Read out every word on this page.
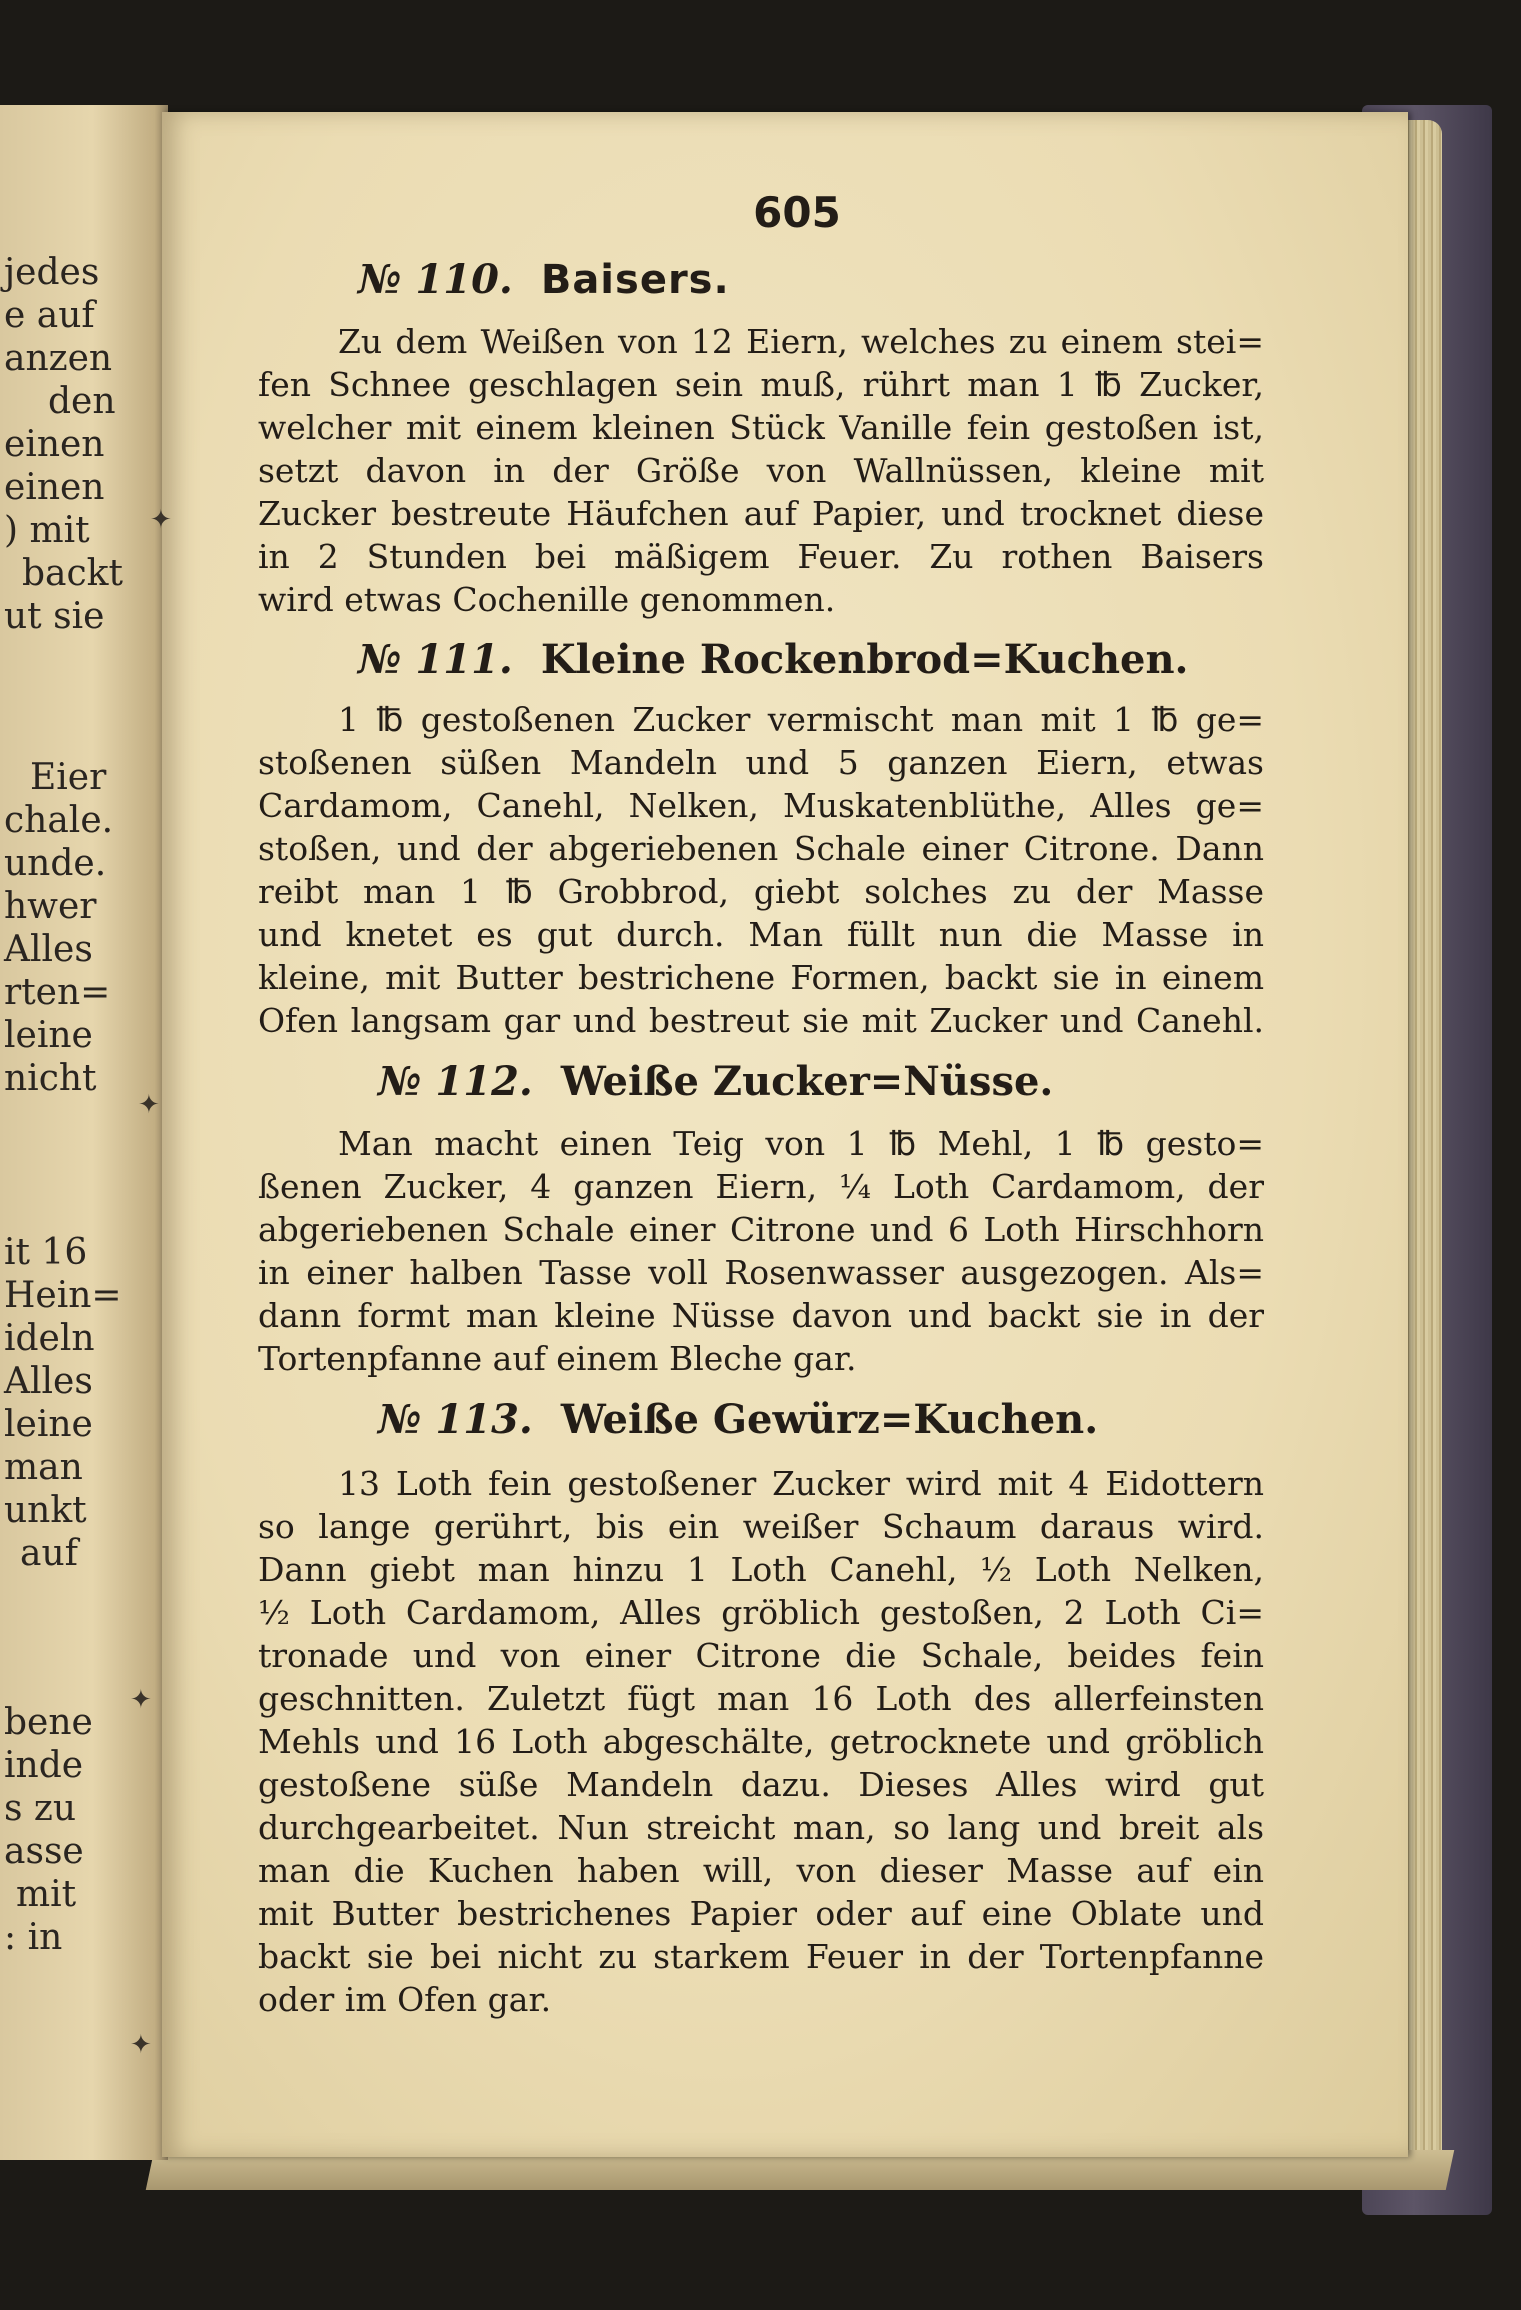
jedes
e auf
anzen
den
einen
einen
) mit
backt
ut sie
Eier
chale.
unde.
hwer
Alles
rten=
leine
nicht
it 16
Hein=
ideln
Alles
leine
man
unkt
auf
bene
inde
s zu
asse
mit
: in
✦
✦
✦
✦
605
№ 110. Baisers.
Zu dem Weißen von 12 Eiern, welches zu einem stei=
fen Schnee geschlagen sein muß, rührt man 1 ℔ Zucker,
welcher mit einem kleinen Stück Vanille fein gestoßen ist,
setzt davon in der Größe von Wallnüssen, kleine mit
Zucker bestreute Häufchen auf Papier, und trocknet diese
in 2 Stunden bei mäßigem Feuer. Zu rothen Baisers
wird etwas Cochenille genommen.
№ 111. Kleine Rockenbrod=Kuchen.
1 ℔ gestoßenen Zucker vermischt man mit 1 ℔ ge=
stoßenen süßen Mandeln und 5 ganzen Eiern, etwas
Cardamom, Canehl, Nelken, Muskatenblüthe, Alles ge=
stoßen, und der abgeriebenen Schale einer Citrone. Dann
reibt man 1 ℔ Grobbrod, giebt solches zu der Masse
und knetet es gut durch. Man füllt nun die Masse in
kleine, mit Butter bestrichene Formen, backt sie in einem
Ofen langsam gar und bestreut sie mit Zucker und Canehl.
№ 112. Weiße Zucker=Nüsse.
Man macht einen Teig von 1 ℔ Mehl, 1 ℔ gesto=
ßenen Zucker, 4 ganzen Eiern, ¼ Loth Cardamom, der
abgeriebenen Schale einer Citrone und 6 Loth Hirschhorn
in einer halben Tasse voll Rosenwasser ausgezogen. Als=
dann formt man kleine Nüsse davon und backt sie in der
Tortenpfanne auf einem Bleche gar.
№ 113. Weiße Gewürz=Kuchen.
13 Loth fein gestoßener Zucker wird mit 4 Eidottern
so lange gerührt, bis ein weißer Schaum daraus wird.
Dann giebt man hinzu 1 Loth Canehl, ½ Loth Nelken,
½ Loth Cardamom, Alles gröblich gestoßen, 2 Loth Ci=
tronade und von einer Citrone die Schale, beides fein
geschnitten. Zuletzt fügt man 16 Loth des allerfeinsten
Mehls und 16 Loth abgeschälte, getrocknete und gröblich
gestoßene süße Mandeln dazu. Dieses Alles wird gut
durchgearbeitet. Nun streicht man, so lang und breit als
man die Kuchen haben will, von dieser Masse auf ein
mit Butter bestrichenes Papier oder auf eine Oblate und
backt sie bei nicht zu starkem Feuer in der Tortenpfanne
oder im Ofen gar.
